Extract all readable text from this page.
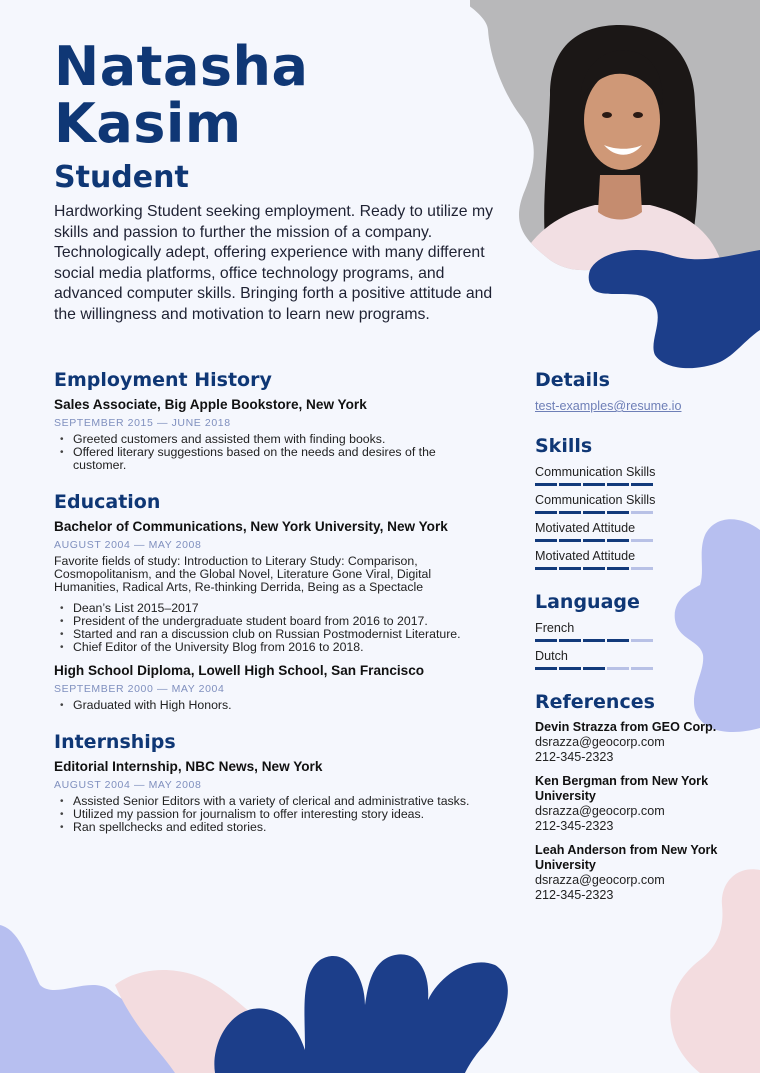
Natasha
Kasim
Student
Hardworking Student seeking employment. Ready to utilize my skills and passion to further the mission of a company. Technologically adept, offering experience with many different social media platforms, office technology programs, and advanced computer skills. Bringing forth a positive attitude and the willingness and motivation to learn new programs.
Employment History
Sales Associate, Big Apple Bookstore, New York
SEPTEMBER 2015 — JUNE 2018
• Greeted customers and assisted them with finding books.
• Offered literary suggestions based on the needs and desires of the customer.
Education
Bachelor of Communications, New York University, New York
AUGUST 2004 — MAY 2008
Favorite fields of study: Introduction to Literary Study: Comparison, Cosmopolitanism, and the Global Novel, Literature Gone Viral, Digital Humanities, Radical Arts, Re-thinking Derrida, Being as a Spectacle
• Dean’s List 2015–2017
• President of the undergraduate student board from 2016 to 2017.
• Started and ran a discussion club on Russian Postmodernist Literature.
• Chief Editor of the University Blog from 2016 to 2018.
High School Diploma, Lowell High School, San Francisco
SEPTEMBER 2000 — MAY 2004
• Graduated with High Honors.
Internships
Editorial Internship, NBC News, New York
AUGUST 2004 — MAY 2008
• Assisted Senior Editors with a variety of clerical and administrative tasks.
• Utilized my passion for journalism to offer interesting story ideas.
• Ran spellchecks and edited stories.
Details
test-examples@resume.io
Skills
Communication Skills
Communication Skills
Motivated Attitude
Motivated Attitude
Language
French
Dutch
References
Devin Strazza from GEO Corp.
dsrazza@geocorp.com
212-345-2323
Ken Bergman from New York University
dsrazza@geocorp.com
212-345-2323
Leah Anderson from New York University
dsrazza@geocorp.com
212-345-2323
